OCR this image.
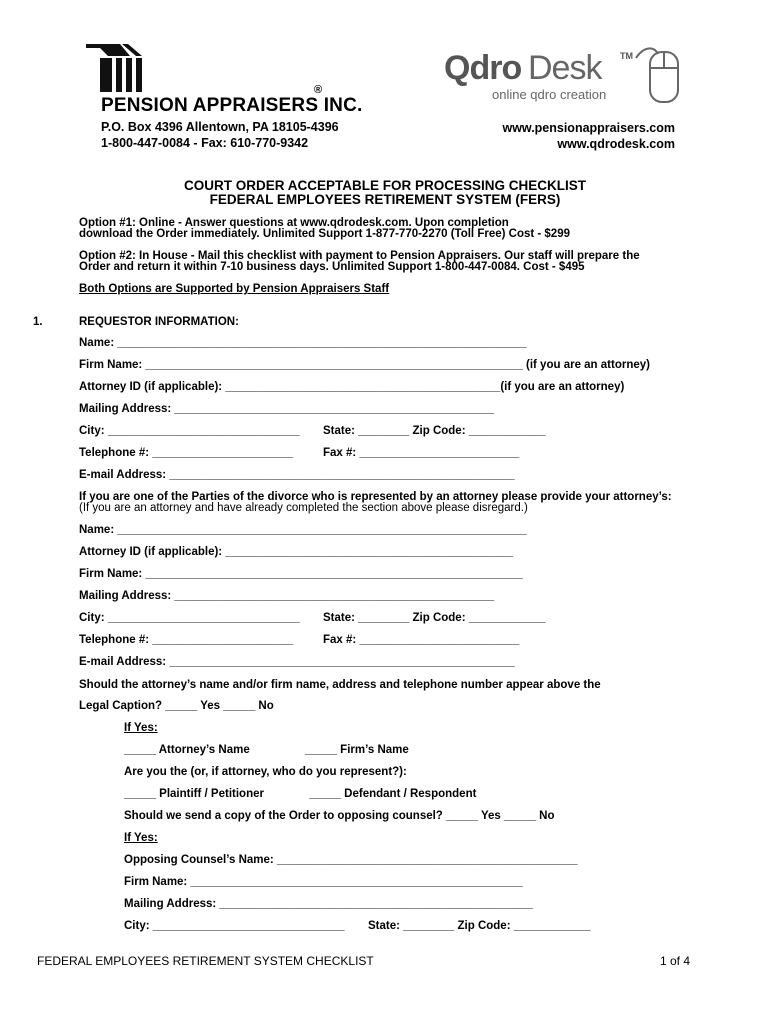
®
PENSION APPRAISERS INC.
P.O. Box 4396 Allentown, PA 18105-4396
1-800-447-0084 - Fax: 610-770-9342
Qdro Desk TM
online qdro creation
www.pensionappraisers.com
www.qdrodesk.com
COURT ORDER ACCEPTABLE FOR PROCESSING CHECKLIST
FEDERAL EMPLOYEES RETIREMENT SYSTEM (FERS)
Option #1: Online - Answer questions at www.qdrodesk.com. Upon completion
download the Order immediately. Unlimited Support 1-877-770-2270 (Toll Free) Cost - $299
Option #2: In House - Mail this checklist with payment to Pension Appraisers. Our staff will prepare the
Order and return it within 7-10 business days. Unlimited Support 1-800-447-0084. Cost - $495
Both Options are Supported by Pension Appraisers Staff
1.	REQUESTOR INFORMATION:
Name: ________________________________________________________________
Firm Name: ___________________________________________________________ (if you are an attorney)
Attorney ID (if applicable): ___________________________________________(if you are an attorney)
Mailing Address: __________________________________________________
City: ______________________________ State: ________ Zip Code: ____________
Telephone #: ______________________	Fax #: _________________________
E-mail Address: ______________________________________________________
If you are one of the Parties of the divorce who is represented by an attorney please provide your attorney’s:
(If you are an attorney and have already completed the section above please disregard.)
Name: ________________________________________________________________
Attorney ID (if applicable): _____________________________________________
Firm Name: ___________________________________________________________
Mailing Address: __________________________________________________
City: ______________________________ State: ________ Zip Code: ____________
Telephone #: ______________________	Fax #: _________________________
E-mail Address: ______________________________________________________
Should the attorney’s name and/or firm name, address and telephone number appear above the
Legal Caption? _____ Yes _____ No
If Yes:
_____ Attorney’s Name	_____ Firm’s Name
Are you the (or, if attorney, who do you represent?):
_____ Plaintiff / Petitioner	_____ Defendant / Respondent
Should we send a copy of the Order to opposing counsel? _____ Yes _____ No
If Yes:
Opposing Counsel’s Name: _______________________________________________
Firm Name: ____________________________________________________
Mailing Address: _________________________________________________
City: ______________________________ State: ________ Zip Code: ____________
FEDERAL EMPLOYEES RETIREMENT SYSTEM CHECKLIST	1 of 4
